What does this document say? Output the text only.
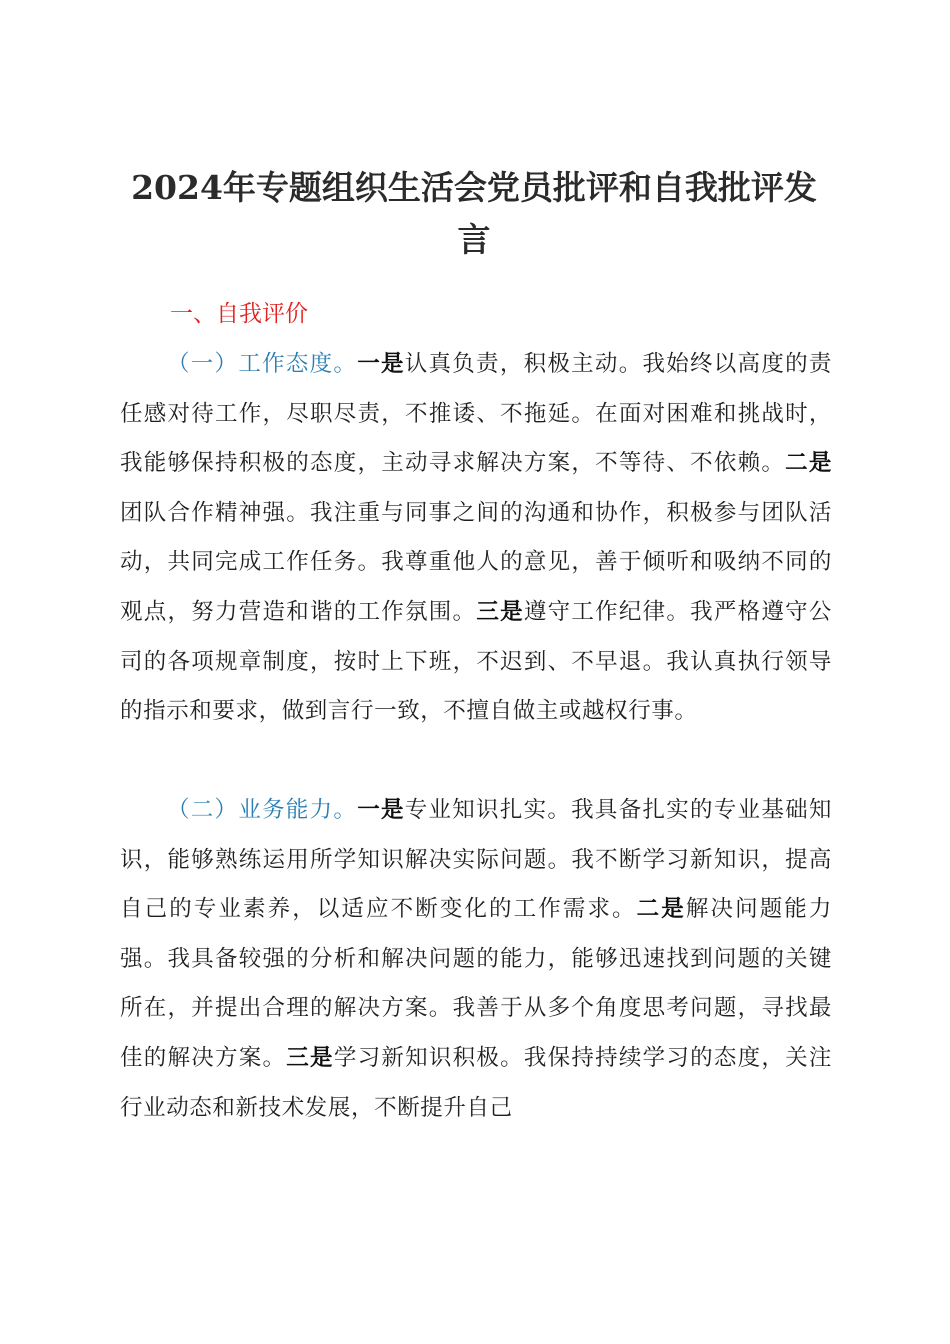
2024年专题组织生活会党员批评和自我批评发言
一、自我评价

（一）工作态度。一是认真负责，积极主动。我始终以高度的责任感对待工作，尽职尽责，不推诿、不拖延。在面对困难和挑战时，我能够保持积极的态度，主动寻求解决方案，不等待、不依赖。二是团队合作精神强。我注重与同事之间的沟通和协作，积极参与团队活动，共同完成工作任务。我尊重他人的意见，善于倾听和吸纳不同的观点，努力营造和谐的工作氛围。三是遵守工作纪律。我严格遵守公司的各项规章制度，按时上下班，不迟到、不早退。我认真执行领导的指示和要求，做到言行一致，不擅自做主或越权行事。

（二）业务能力。一是专业知识扎实。我具备扎实的专业基础知识，能够熟练运用所学知识解决实际问题。我不断学习新知识，提高自己的专业素养，以适应不断变化的工作需求。二是解决问题能力强。我具备较强的分析和解决问题的能力，能够迅速找到问题的关键所在，并提出合理的解决方案。我善于从多个角度思考问题，寻找最佳的解决方案。三是学习新知识积极。我保持持续学习的态度，关注行业动态和新技术发展，不断提升自己
